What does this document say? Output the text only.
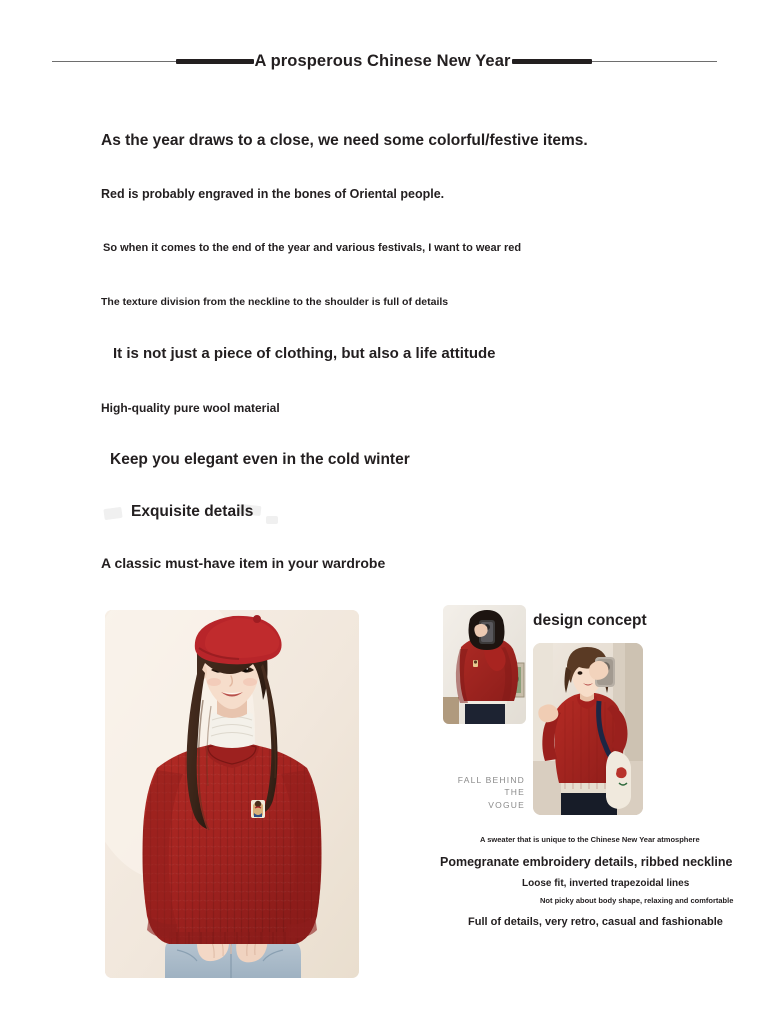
A prosperous Chinese New Year
As the year draws to a close, we need some colorful/festive items.
Red is probably engraved in the bones of Oriental people.
So when it comes to the end of the year and various festivals, I want to wear red
The texture division from the neckline to the shoulder is full of details
It is not just a piece of clothing, but also a life attitude
High-quality pure wool material
Keep you elegant even in the cold winter
Exquisite details
A classic must-have item in your wardrobe
design concept
FALL BEHIND
THE
VOGUE
A sweater that is unique to the Chinese New Year atmosphere
Pomegranate embroidery details, ribbed neckline
Loose fit, inverted trapezoidal lines
Not picky about body shape, relaxing and comfortable
Full of details, very retro, casual and fashionable
